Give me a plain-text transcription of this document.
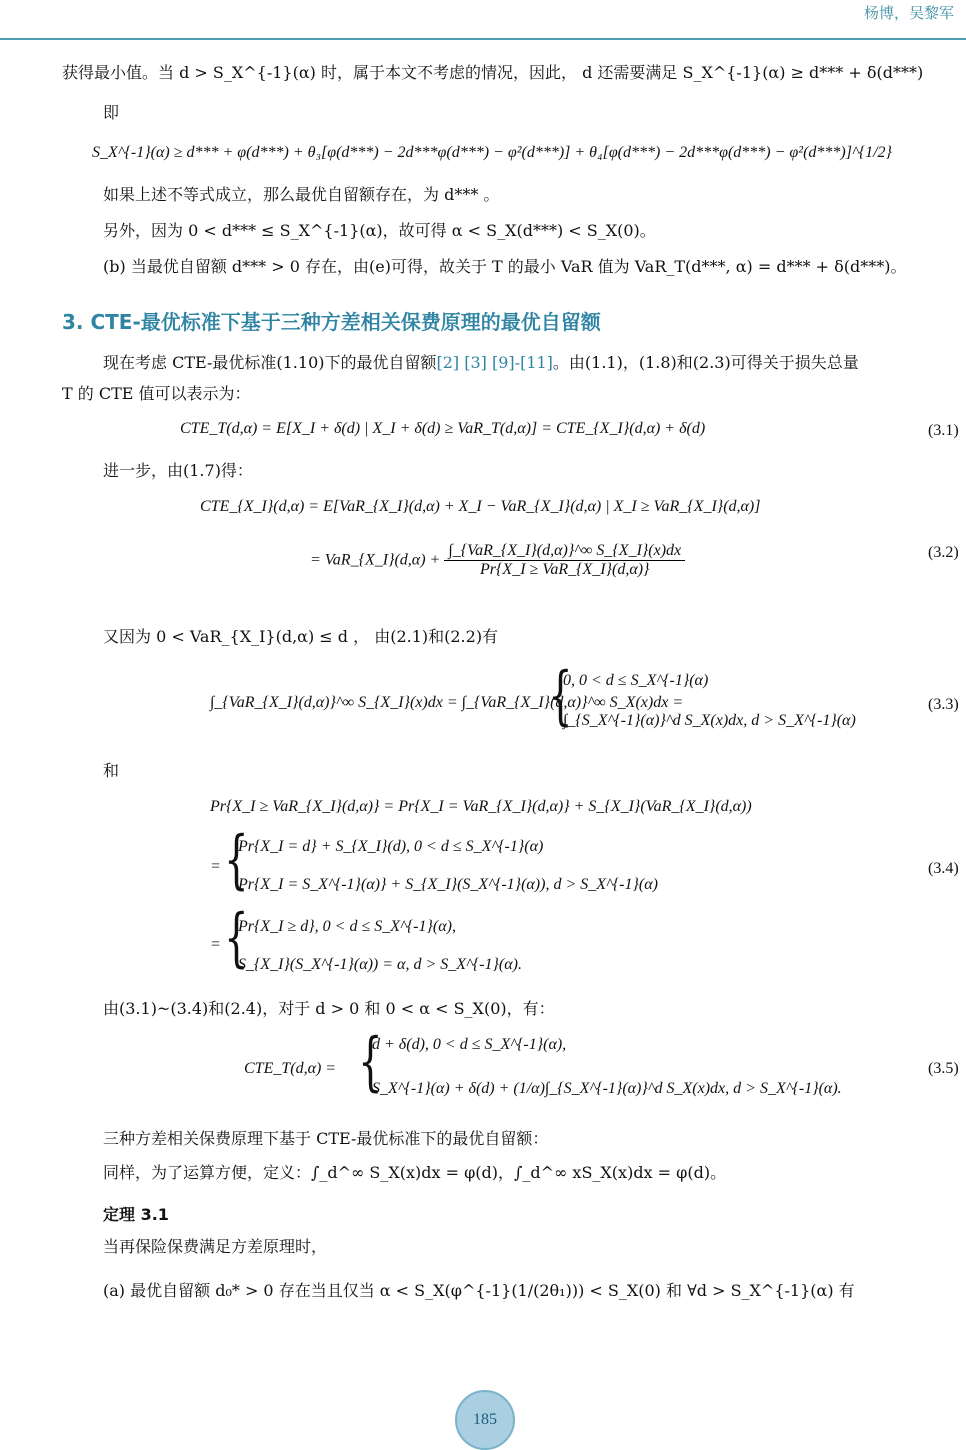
杨博，吴黎军
获得最小值。当 d > S_X^{-1}(α) 时，属于本文不考虑的情况，因此， d 还需要满足 S_X^{-1}(α) ≥ d*** + δ(d***)
即
S_X^{-1}(α) ≥ d*** + φ(d***) + θ₃[φ(d***) − 2d***φ(d***) − φ²(d***)] + θ₄[φ(d***) − 2d***φ(d***) − φ²(d***)]^{1/2}
如果上述不等式成立，那么最优自留额存在，为 d*** 。
另外，因为 0 < d*** ≤ S_X^{-1}(α)，故可得 α < S_X(d***) < S_X(0)。
(b) 当最优自留额 d*** > 0 存在，由(e)可得，故关于 T 的最小 VaR 值为 VaR_T(d***, α) = d*** + δ(d***)。
3. CTE-最优标准下基于三种方差相关保费原理的最优自留额
现在考虑 CTE-最优标准(1.10)下的最优自留额[2] [3] [9]-[11]。由(1.1)，(1.8)和(2.3)可得关于损失总量
T 的 CTE 值可以表示为：
CTE_T(d,α) = E[X_I + δ(d) | X_I + δ(d) ≥ VaR_T(d,α)] = CTE_{X_I}(d,α) + δ(d)	(3.1)
进一步，由(1.7)得：
CTE_{X_I}(d,α) = E[VaR_{X_I}(d,α) + X_I − VaR_{X_I}(d,α) | X_I ≥ VaR_{X_I}(d,α)]
= VaR_{X_I}(d,α) + $\frac{\text{∫\_\{VaR\_\{X\_I\}(d,α)\}\textasciicircum{}∞ S\_\{X\_I\}(x)dx}}{\text{Pr\{X\_I ≥ VaR\_\{X\_I\}(d,α)\}}}$	(3.2)
又因为 0 < VaR_{X_I}(d,α) ≤ d ， 由(2.1)和(2.2)有
∫_{VaR_{X_I}(d,α)}^∞ S_{X_I}(x)dx = ∫_{VaR_{X_I}(d,α)}^∞ S_X(x)dx =
{
0, 0 < d ≤ S_X^{-1}(α)
∫_{S_X^{-1}(α)}^d S_X(x)dx, d > S_X^{-1}(α)
(3.3)
和
Pr{X_I ≥ VaR_{X_I}(d,α)} = Pr{X_I = VaR_{X_I}(d,α)} + S_{X_I}(VaR_{X_I}(d,α))
= {
Pr{X_I = d} + S_{X_I}(d), 0 < d ≤ S_X^{-1}(α)
Pr{X_I = S_X^{-1}(α)} + S_{X_I}(S_X^{-1}(α)), d > S_X^{-1}(α)
(3.4)
= {
Pr{X_I ≥ d}, 0 < d ≤ S_X^{-1}(α),
S_{X_I}(S_X^{-1}(α)) = α, d > S_X^{-1}(α).
由(3.1)~(3.4)和(2.4)，对于 d > 0 和 0 < α < S_X(0)，有：
CTE_T(d,α) = {
d + δ(d), 0 < d ≤ S_X^{-1}(α),
S_X^{-1}(α) + δ(d) + (1/α)∫_{S_X^{-1}(α)}^d S_X(x)dx, d > S_X^{-1}(α).
(3.5)
三种方差相关保费原理下基于 CTE-最优标准下的最优自留额：
同样，为了运算方便，定义：∫_d^∞ S_X(x)dx = φ(d)，∫_d^∞ xS_X(x)dx = φ(d)。
定理 3.1
当再保险保费满足方差原理时，
(a) 最优自留额 d₀* > 0 存在当且仅当 α < S_X(φ^{-1}(1/(2θ₁))) < S_X(0) 和 ∀d > S_X^{-1}(α) 有
185
